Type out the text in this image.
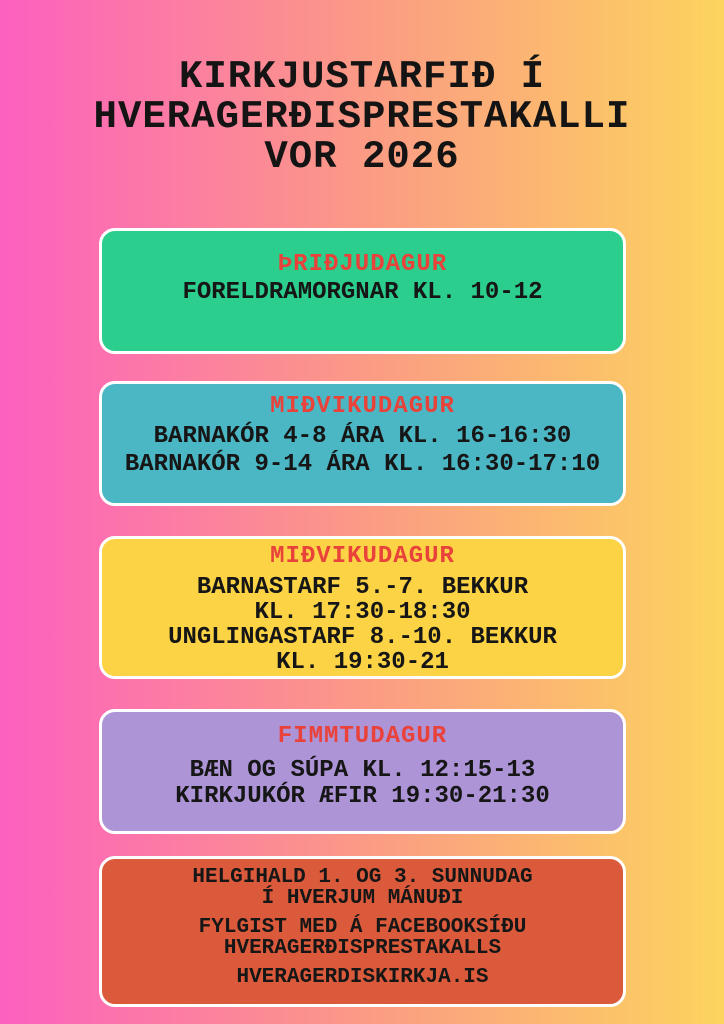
KIRKJUSTARFIÐ Í
HVERAGERÐISPRESTAKALLI
VOR 2026
ÞRIÐJUDAGUR

FORELDRAMORGNAR KL. 10-12

MIÐVIKUDAGUR

BARNAKÓR 4-8 ÁRA KL. 16-16:30

BARNAKÓR 9-14 ÁRA KL. 16:30-17:10

MIÐVIKUDAGUR

BARNASTARF 5.-7. BEKKUR

KL. 17:30-18:30

UNGLINGASTARF 8.-10. BEKKUR

KL. 19:30-21

FIMMTUDAGUR

BÆN OG SÚPA KL. 12:15-13

KIRKJUKÓR ÆFIR 19:30-21:30

HELGIHALD 1. OG 3. SUNNUDAG

Í HVERJUM MÁNUÐI

FYLGIST MED Á FACEBOOKSÍÐU

HVERAGERÐISPRESTAKALLS

HVERAGERDISKIRKJA.IS
